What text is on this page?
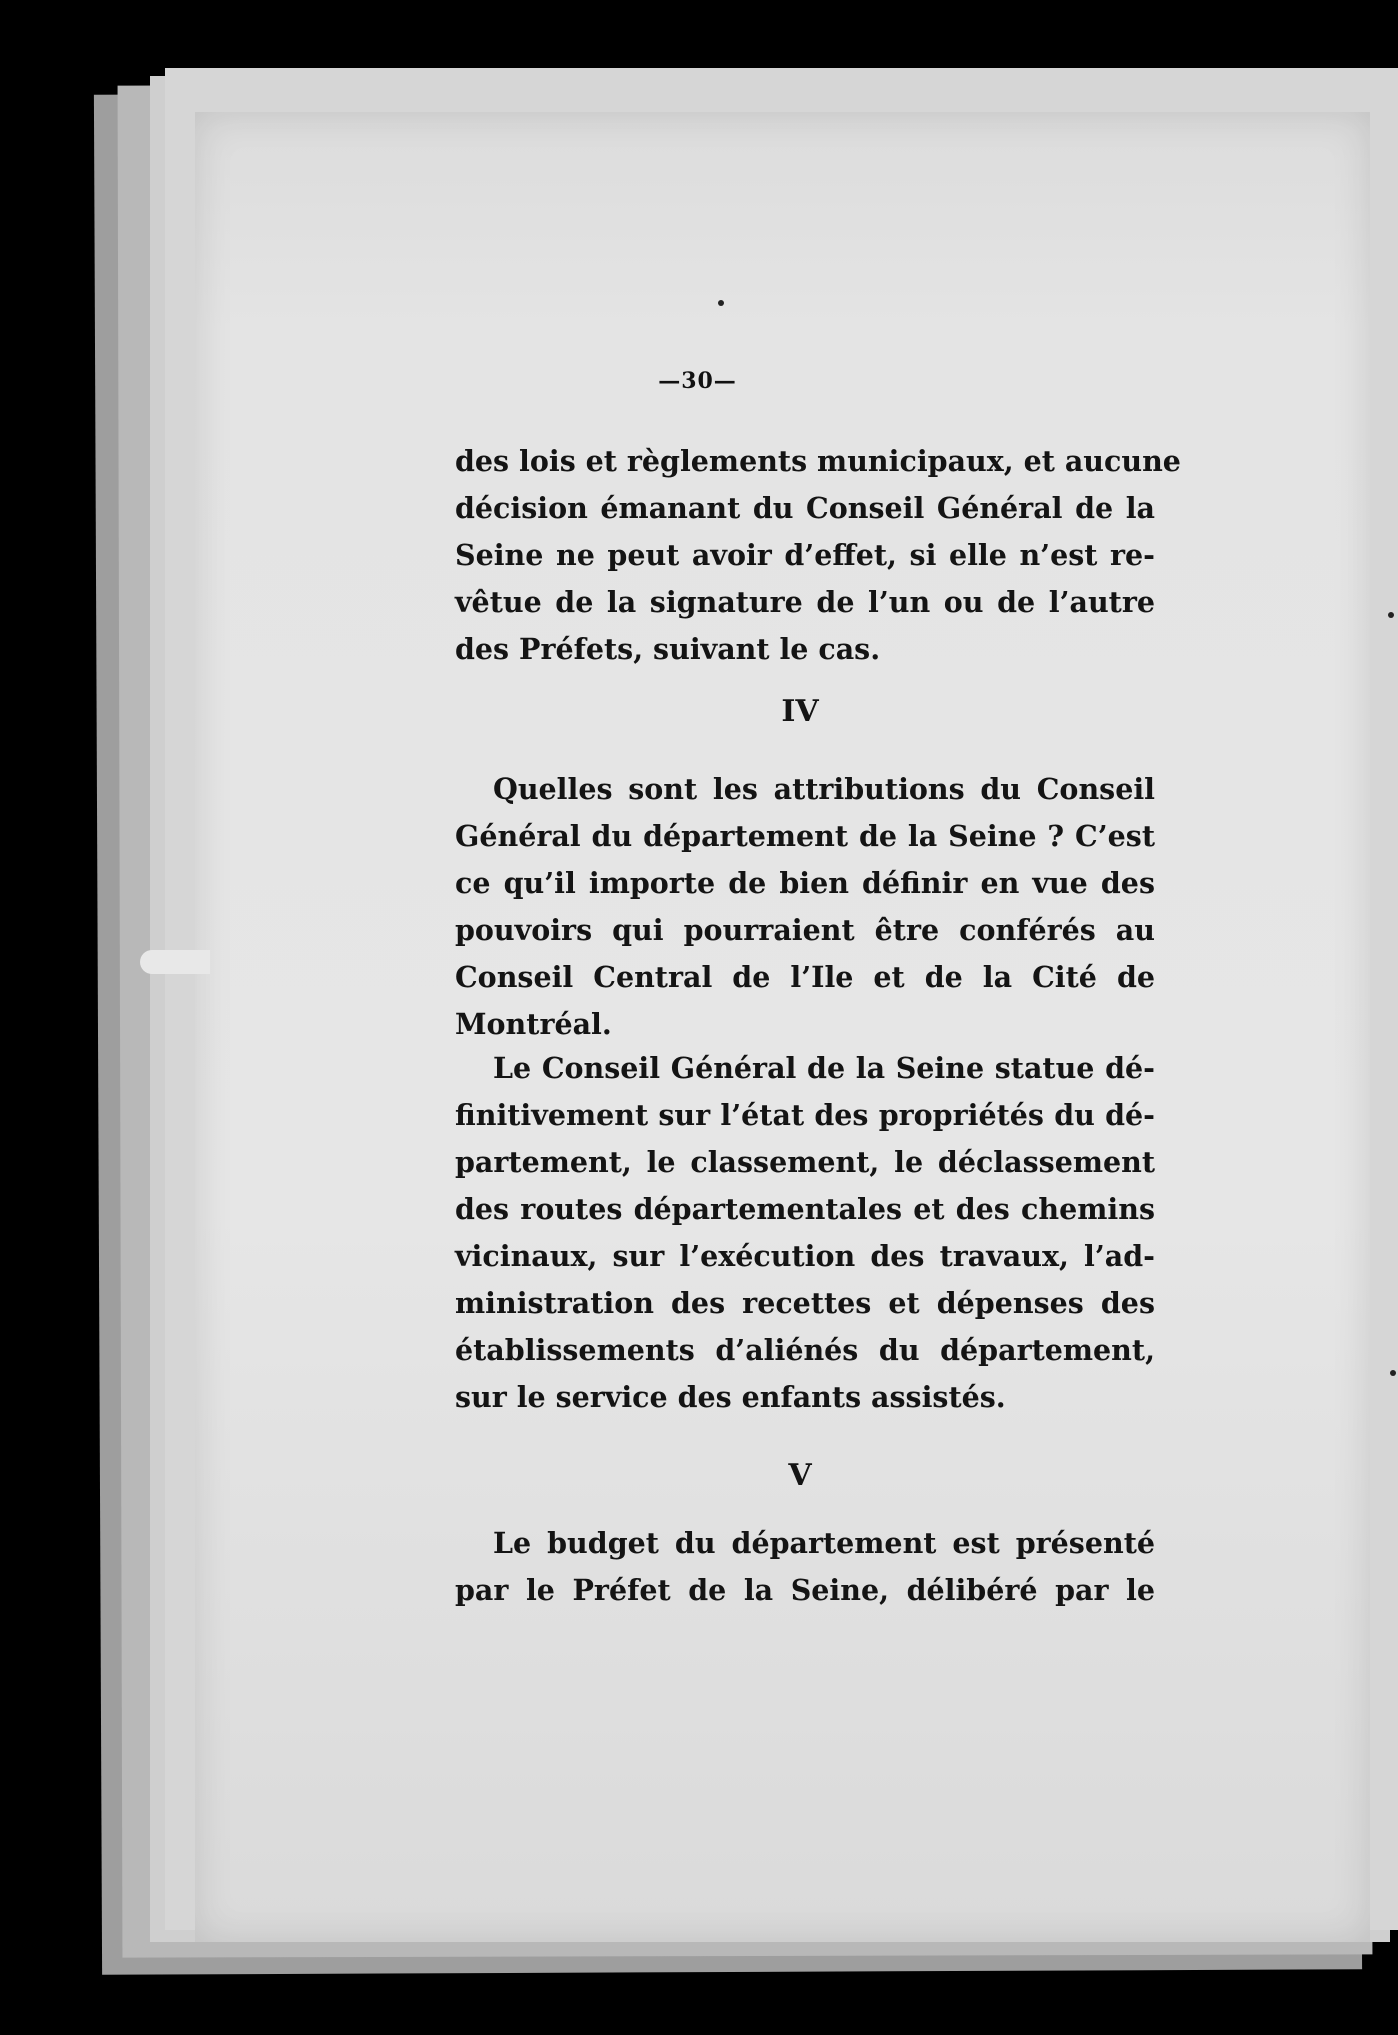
—30—

des lois et règlements municipaux, et aucune
décision émanant du Conseil Général de la
Seine ne peut avoir d’effet, si elle n’est re-
vêtue de la signature de l’un ou de l’autre
des Préfets, suivant le cas.

IV

Quelles sont les attributions du Conseil
Général du département de la Seine ? C’est
ce qu’il importe de bien définir en vue des
pouvoirs qui pourraient être conférés au
Conseil Central de l’Ile et de la Cité de
Montréal.

Le Conseil Général de la Seine statue dé-
finitivement sur l’état des propriétés du dé-
partement, le classement, le déclassement
des routes départementales et des chemins
vicinaux, sur l’exécution des travaux, l’ad-
ministration des recettes et dépenses des
établissements d’aliénés du département,
sur le service des enfants assistés.

V

Le budget du département est présenté
par le Préfet de la Seine, délibéré par le
